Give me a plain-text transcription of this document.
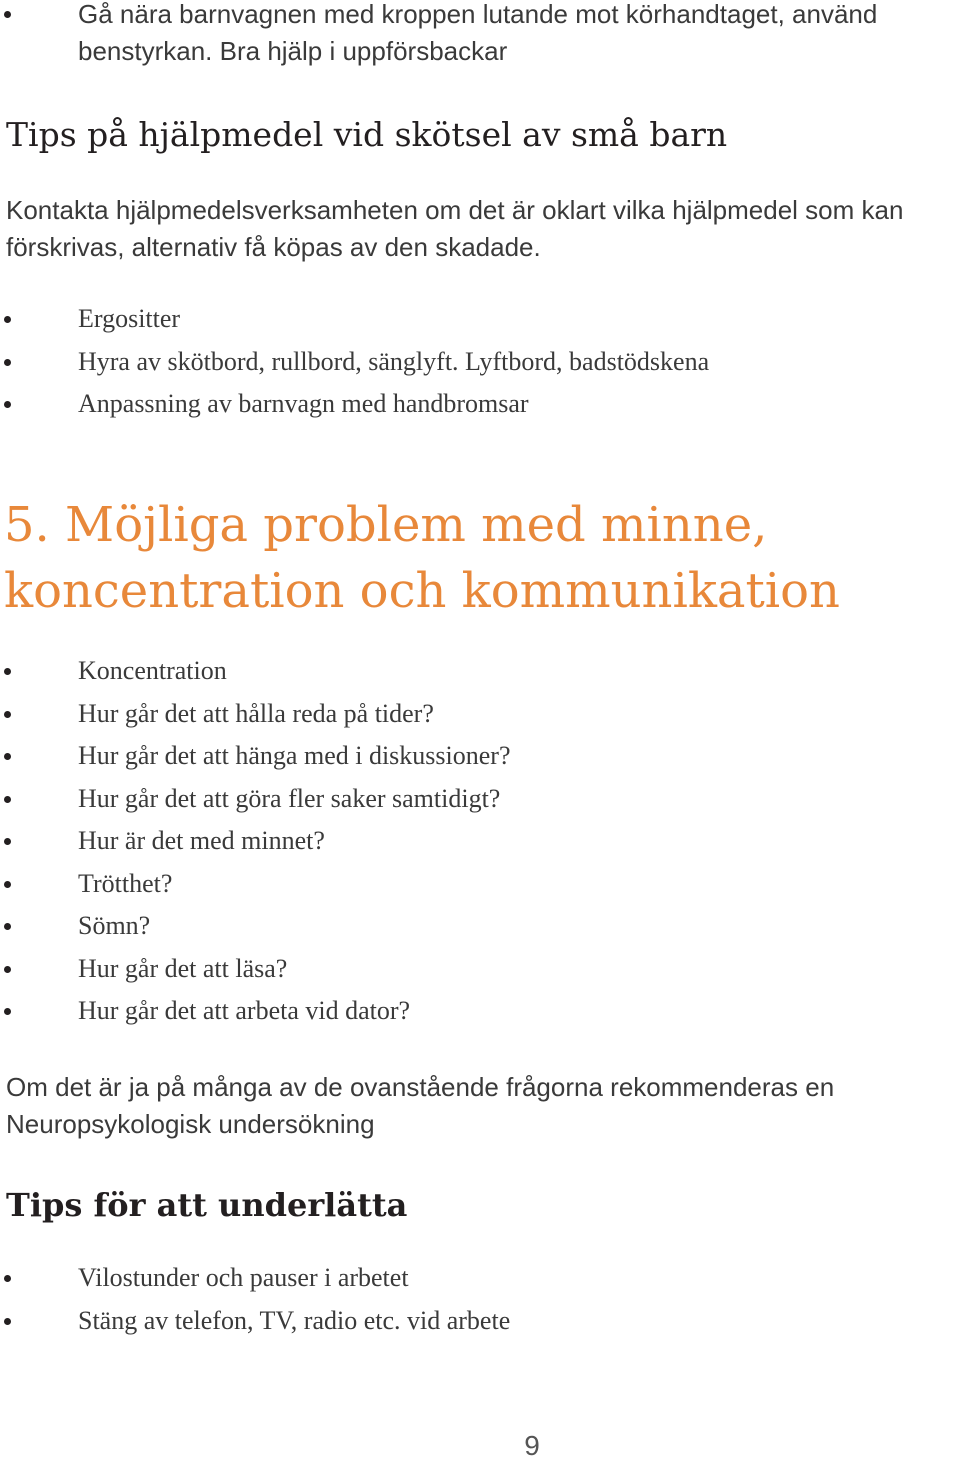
Gå nära barnvagnen med kroppen lutande mot körhandtaget, använd
benstyrkan. Bra hjälp i uppförsbackar
Tips på hjälpmedel vid skötsel av små barn
Kontakta hjälpmedelsverksamheten om det är oklart vilka hjälpmedel som kan
förskrivas, alternativ få köpas av den skadade.
Ergositter
Hyra av skötbord, rullbord, sänglyft. Lyftbord, badstödskena
Anpassning av barnvagn med handbromsar
5. Möjliga problem med minne,
koncentration och kommunikation
Koncentration
Hur går det att hålla reda på tider?
Hur går det att hänga med i diskussioner?
Hur går det att göra fler saker samtidigt?
Hur är det med minnet?
Trötthet?
Sömn?
Hur går det att läsa?
Hur går det att arbeta vid dator?
Om det är ja på många av de ovanstående frågorna rekommenderas en
Neuropsykologisk undersökning
Tips för att underlätta
Vilostunder och pauser i arbetet
Stäng av telefon, TV, radio etc. vid arbete
9
